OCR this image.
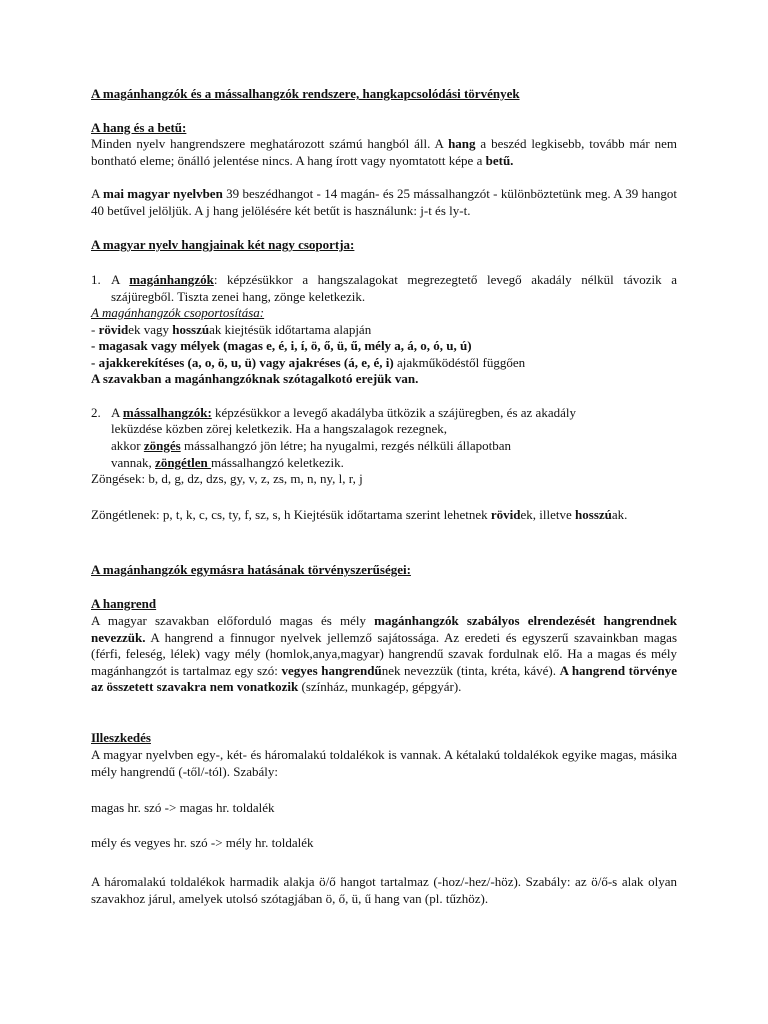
A magánhangzók és a mássalhangzók rendszere, hangkapcsolódási törvények

A hang és a betű:

Minden nyelv hangrendszere meghatározott számú hangból áll. A hang a beszéd legkisebb, tovább már nem bontható eleme; önálló jelentése nincs. A hang írott vagy nyomtatott képe a betű.

A mai magyar nyelvben 39 beszédhangot - 14 magán- és 25 mássalhangzót - különböztetünk meg. A 39 hangot 40 betűvel jelöljük. A j hang jelölésére két betűt is használunk: j-t és ly-t.

A magyar nyelv hangjainak két nagy csoportja:

1. A magánhangzók: képzésükkor a hangszalagokat megrezegtető levegő akadály nélkül távozik a szájüregből. Tiszta zenei hang, zönge keletkezik.

A magánhangzók csoportosítása:

- rövidek vagy hosszúak kiejtésük időtartama alapján

- magasak vagy mélyek (magas e, é, i, í, ö, ő, ü, ű, mély a, á, o, ó, u, ú)

- ajakkerekítéses (a, o, ö, u, ü) vagy ajakréses (á, e, é, i) ajakműködéstől függően

A szavakban a magánhangzóknak szótagalkotó erejük van.

2. A mássalhangzók: képzésükkor a levegő akadályba ütközik a szájüregben, és az akadály

leküzdése közben zörej keletkezik. Ha a hangszalagok rezegnek,

akkor zöngés mássalhangzó jön létre; ha nyugalmi, rezgés nélküli állapotban

vannak, zöngétlen mássalhangzó keletkezik.

Zöngések: b, d, g, dz, dzs, gy, v, z, zs, m, n, ny, l, r, j

Zöngétlenek: p, t, k, c, cs, ty, f, sz, s, h Kiejtésük időtartama szerint lehetnek rövidek, illetve hosszúak.

A magánhangzók egymásra hatásának törvényszerűségei:

A hangrend

A magyar szavakban előforduló magas és mély magánhangzók szabályos elrendezését hangrendnek nevezzük. A hangrend a finnugor nyelvek jellemző sajátossága. Az eredeti és egyszerű szavainkban magas (férfi, feleség, lélek) vagy mély (homlok,anya,magyar) hangrendű szavak fordulnak elő. Ha a magas és mély magánhangzót is tartalmaz egy szó: vegyes hangrendűnek nevezzük (tinta, kréta, kávé). A hangrend törvénye az összetett szavakra nem vonatkozik (színház, munkagép, gépgyár).

Illeszkedés

A magyar nyelvben egy-, két- és háromalakú toldalékok is vannak. A kétalakú toldalékok egyike magas, másika mély hangrendű (-től/-tól). Szabály:

magas hr. szó -> magas hr. toldalék

mély és vegyes hr. szó -> mély hr. toldalék

A háromalakú toldalékok harmadik alakja ö/ő hangot tartalmaz (-hoz/-hez/-höz). Szabály: az ö/ő-s alak olyan szavakhoz járul, amelyek utolsó szótagjában ö, ő, ü, ű hang van (pl. tűzhöz).
